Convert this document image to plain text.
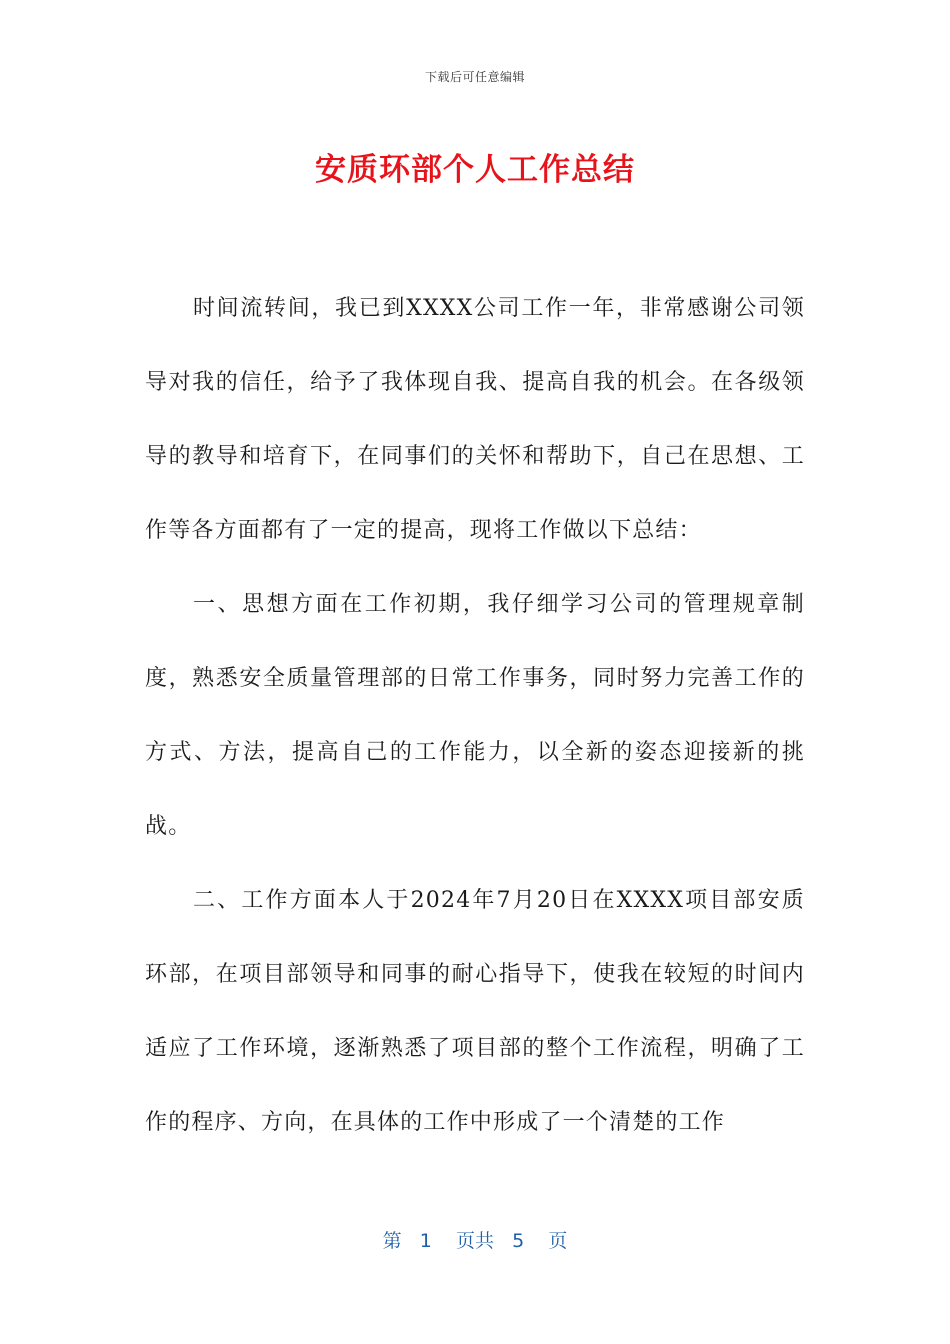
下载后可任意编辑
安质环部个人工作总结

时间流转间，我已到XXXX公司工作一年，非常感谢公司领导对我的信任，给予了我体现自我、提高自我的机会。在各级领导的教导和培育下，在同事们的关怀和帮助下，自己在思想、工作等各方面都有了一定的提高，现将工作做以下总结：

一、思想方面在工作初期，我仔细学习公司的管理规章制度，熟悉安全质量管理部的日常工作事务，同时努力完善工作的方式、方法，提高自己的工作能力，以全新的姿态迎接新的挑战。

二、工作方面本人于2024年7月20日在XXXX项目部安质环部，在项目部领导和同事的耐心指导下，使我在较短的时间内适应了工作环境，逐渐熟悉了项目部的整个工作流程，明确了工作的程序、方向，在具体的工作中形成了一个清楚的工作

第 1 页共 5 页
